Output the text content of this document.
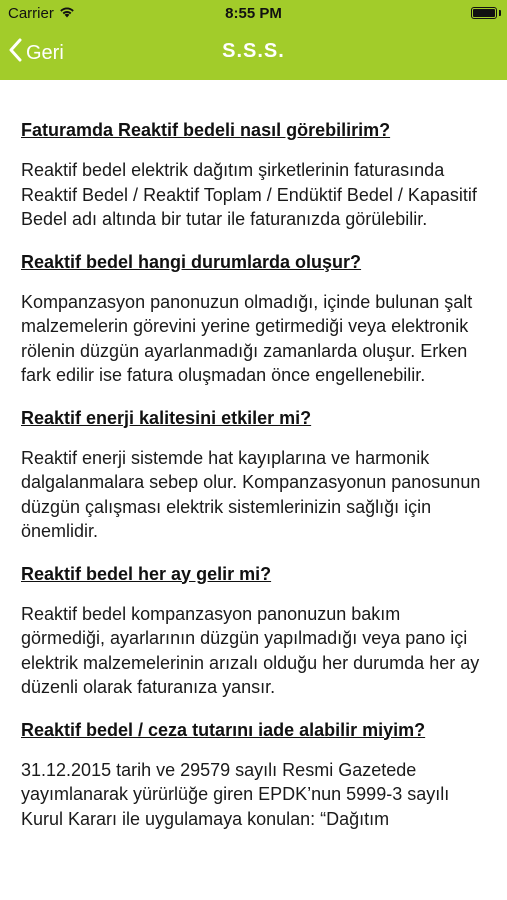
Carrier	8:55 PM
Geri	S.S.S.
Faturamda Reaktif bedeli nasıl görebilirim?
Reaktif bedel elektrik dağıtım şirketlerinin faturasında Reaktif Bedel / Reaktif Toplam / Endüktif Bedel / Kapasitif Bedel adı altında bir tutar ile faturanızda görülebilir.
Reaktif bedel hangi durumlarda oluşur?
Kompanzasyon panonuzun olmadığı, içinde bulunan şalt malzemelerin görevini yerine getirmediği veya elektronik rölenin düzgün ayarlanmadığı zamanlarda oluşur. Erken fark edilir ise fatura oluşmadan önce engellenebilir.
Reaktif enerji kalitesini etkiler mi?
Reaktif enerji sistemde hat kayıplarına ve harmonik dalgalanmalara sebep olur. Kompanzasyonun panosunun düzgün çalışması elektrik sistemlerinizin sağlığı için önemlidir.
Reaktif bedel her ay gelir mi?
Reaktif bedel kompanzasyon panonuzun bakım görmediği, ayarlarının düzgün yapılmadığı veya pano içi elektrik malzemelerinin arızalı olduğu her durumda her ay düzenli olarak faturanıza yansır.
Reaktif bedel / ceza tutarını iade alabilir miyim?
31.12.2015 tarih ve 29579 sayılı Resmi Gazetede yayımlanarak yürürlüğe giren EPDK’nun 5999-3 sayılı Kurul Kararı ile uygulamaya konulan: “Dağıtım
